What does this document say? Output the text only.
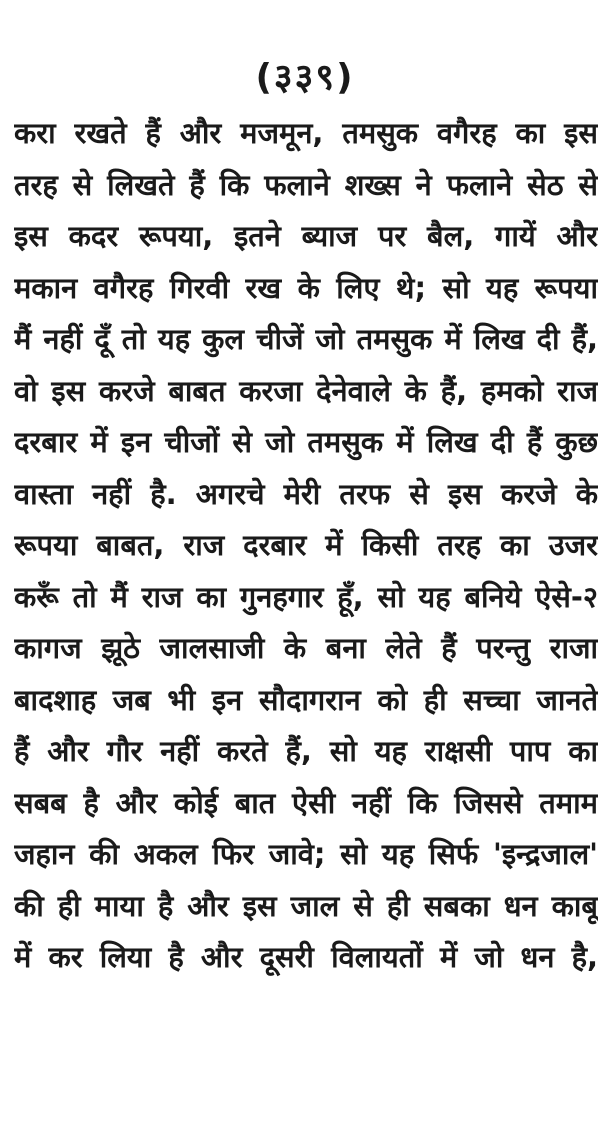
(३३९)
करा रखते हैं और मजमून, तमसुक वगैरह का इस
तरह से लिखते हैं कि फलाने शख्स ने फलाने सेठ से
इस कदर रूपया, इतने ब्याज पर बैल, गायें और
मकान वगैरह गिरवी रख के लिए थे; सो यह रूपया
मैं नहीं दूँ तो यह कुल चीजें जो तमसुक में लिख दी हैं,
वो इस करजे बाबत करजा देनेवाले के हैं, हमको राज
दरबार में इन चीजों से जो तमसुक में लिख दी हैं कुछ
वास्ता नहीं है. अगरचे मेरी तरफ से इस करजे के
रूपया बाबत, राज दरबार में किसी तरह का उजर
करूँ तो मैं राज का गुनहगार हूँ, सो यह बनिये ऐसे-२
कागज झूठे जालसाजी के बना लेते हैं परन्तु राजा
बादशाह जब भी इन सौदागरान को ही सच्चा जानते
हैं और गौर नहीं करते हैं, सो यह राक्षसी पाप का
सबब है और कोई बात ऐसी नहीं कि जिससे तमाम
जहान की अकल फिर जावे; सो यह सिर्फ 'इन्द्रजाल'
की ही माया है और इस जाल से ही सबका धन काबू
में कर लिया है और दूसरी विलायतों में जो धन है,
